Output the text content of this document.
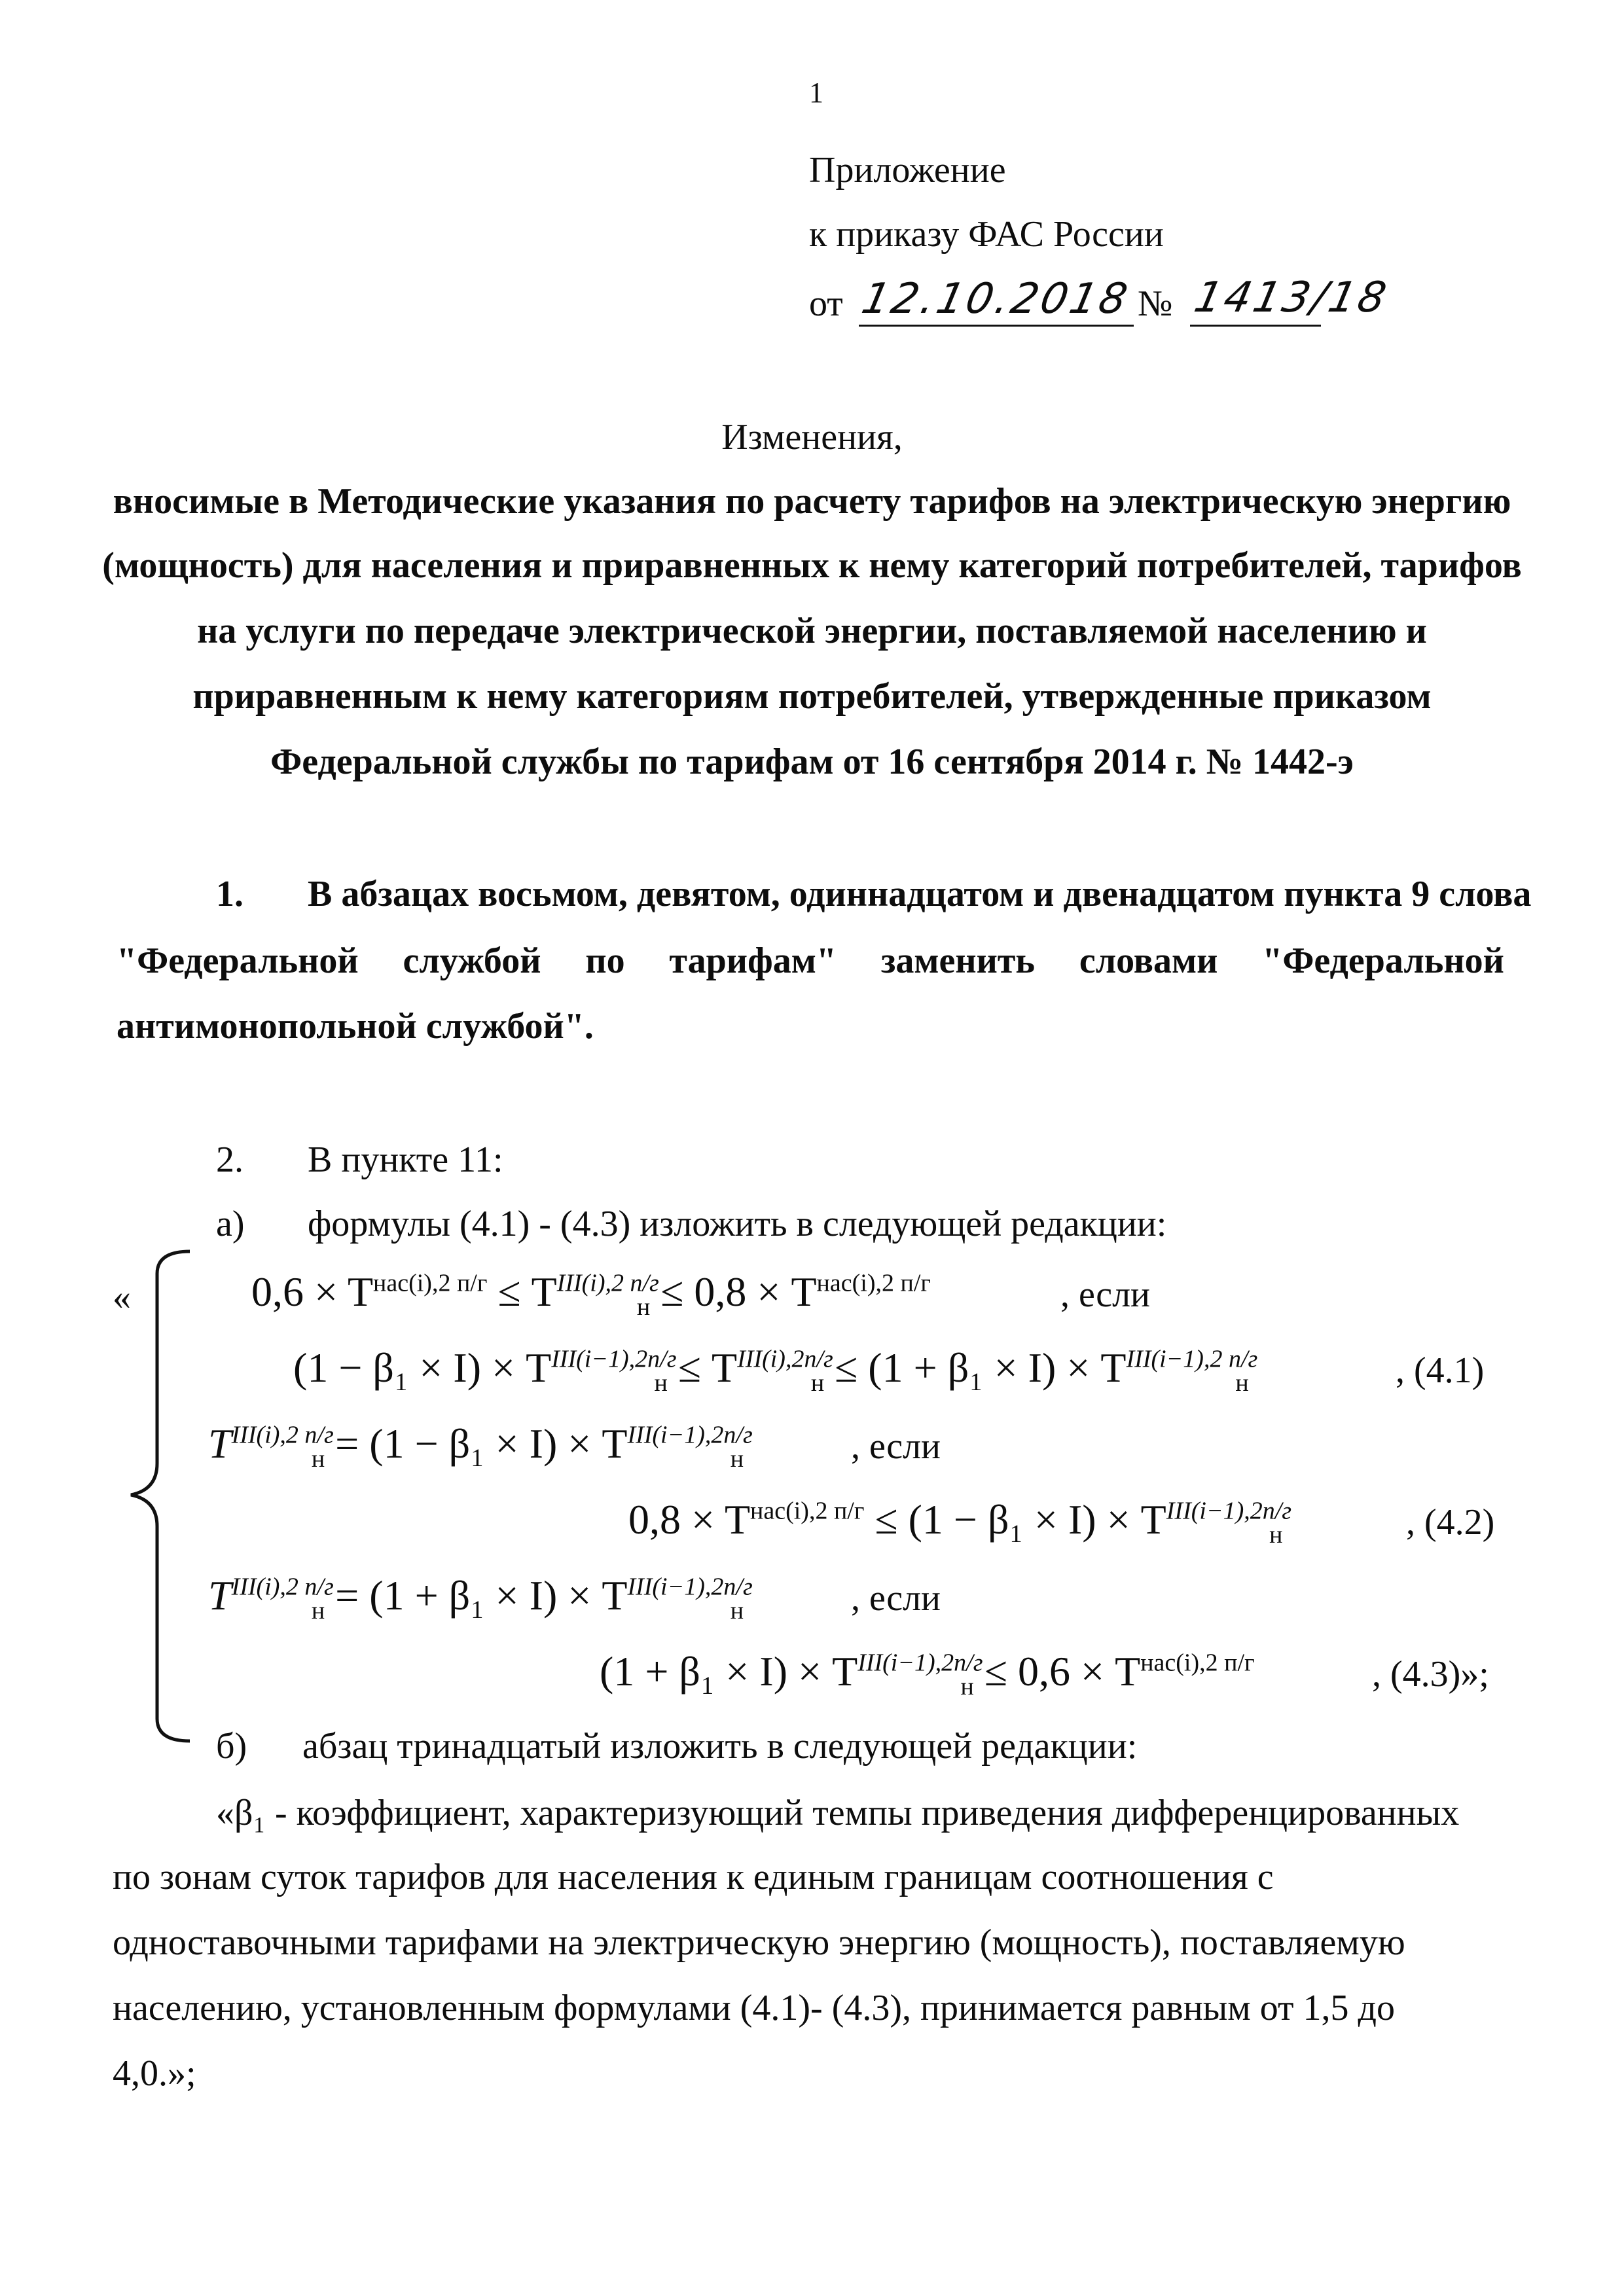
1
Приложение
к приказу ФАС России
от 12.10.2018 № 1413/18
Изменения,
вносимые в Методические указания по расчету тарифов на электрическую энергию
(мощность) для населения и приравненных к нему категорий потребителей, тарифов
на услуги по передаче электрической энергии, поставляемой населению и
приравненным к нему категориям потребителей, утвержденные приказом
Федеральной службы по тарифам от 16 сентября 2014 г. № 1442-э
1. В абзацах восьмом, девятом, одиннадцатом и двенадцатом пункта 9 слова
"Федеральной службой по тарифам" заменить словами "Федеральной
антимонопольной службой".
2. В пункте 11:
а) формулы (4.1) - (4.3) изложить в следующей редакции:
«	$0,6 \times T^{нас(i),2 п/г} \le T^{III(i),2 п/г}_н \le 0,8 \times T^{нас(i),2 п/г}$	, если
$(1 - \beta_1 \times I) \times T^{III(i-1),2п/г}_н \le T^{III(i),2п/г}_н \le (1 + \beta_1 \times I) \times T^{III(i-1),2 п/г}_н$	, (4.1)
$T^{III(i),2 п/г}_н = (1 - \beta_1 \times I) \times T^{III(i-1),2п/г}_н$	, если
$0,8 \times T^{нас(i),2 п/г} \le (1 - \beta_1 \times I) \times T^{III(i-1),2п/г}_н$	, (4.2)
$T^{III(i),2 п/г}_н = (1 + \beta_1 \times I) \times T^{III(i-1),2п/г}_н$	, если
$(1 + \beta_1 \times I) \times T^{III(i-1),2п/г}_н \le 0,6 \times T^{нас(i),2 п/г}$	, (4.3)»;
б) абзац тринадцатый изложить в следующей редакции:
«β₁ - коэффициент, характеризующий темпы приведения дифференцированных
по зонам суток тарифов для населения к единым границам соотношения с
одноставочными тарифами на электрическую энергию (мощность), поставляемую
населению, установленным формулами (4.1)- (4.3), принимается равным от 1,5 до
4,0.»;
